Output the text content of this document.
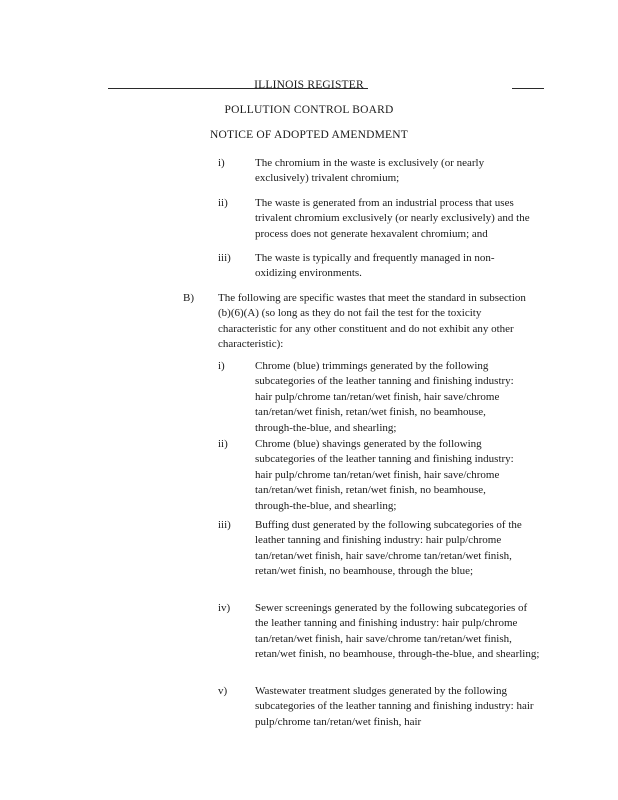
ILLINOIS REGISTER
POLLUTION CONTROL BOARD
NOTICE OF ADOPTED AMENDMENT
i)	The chromium in the waste is exclusively (or nearly exclusively) trivalent chromium;
ii) The waste is generated from an industrial process that uses trivalent chromium exclusively (or nearly exclusively) and the process does not generate hexavalent chromium; and
iii) The waste is typically and frequently managed in non-oxidizing environments.
B) The following are specific wastes that meet the standard in subsection (b)(6)(A) (so long as they do not fail the test for the toxicity characteristic for any other constituent and do not exhibit any other characteristic):
i)	Chrome (blue) trimmings generated by the following subcategories of the leather tanning and finishing industry: hair pulp/chrome tan/retan/wet finish, hair save/chrome tan/retan/wet finish, retan/wet finish, no beamhouse, through-the-blue, and shearling;
ii) Chrome (blue) shavings generated by the following subcategories of the leather tanning and finishing industry: hair pulp/chrome tan/retan/wet finish, hair save/chrome tan/retan/wet finish, retan/wet finish, no beamhouse, through-the-blue, and shearling;
iii) Buffing dust generated by the following subcategories of the leather tanning and finishing industry: hair pulp/chrome tan/retan/wet finish, hair save/chrome tan/retan/wet finish, retan/wet finish, no beamhouse, through the blue;
iv) Sewer screenings generated by the following subcategories of the leather tanning and finishing industry: hair pulp/chrome tan/retan/wet finish, hair save/chrome tan/retan/wet finish, retan/wet finish, no beamhouse, through-the-blue, and shearling;
v)	Wastewater treatment sludges generated by the following subcategories of the leather tanning and finishing industry: hair pulp/chrome tan/retan/wet finish, hair
